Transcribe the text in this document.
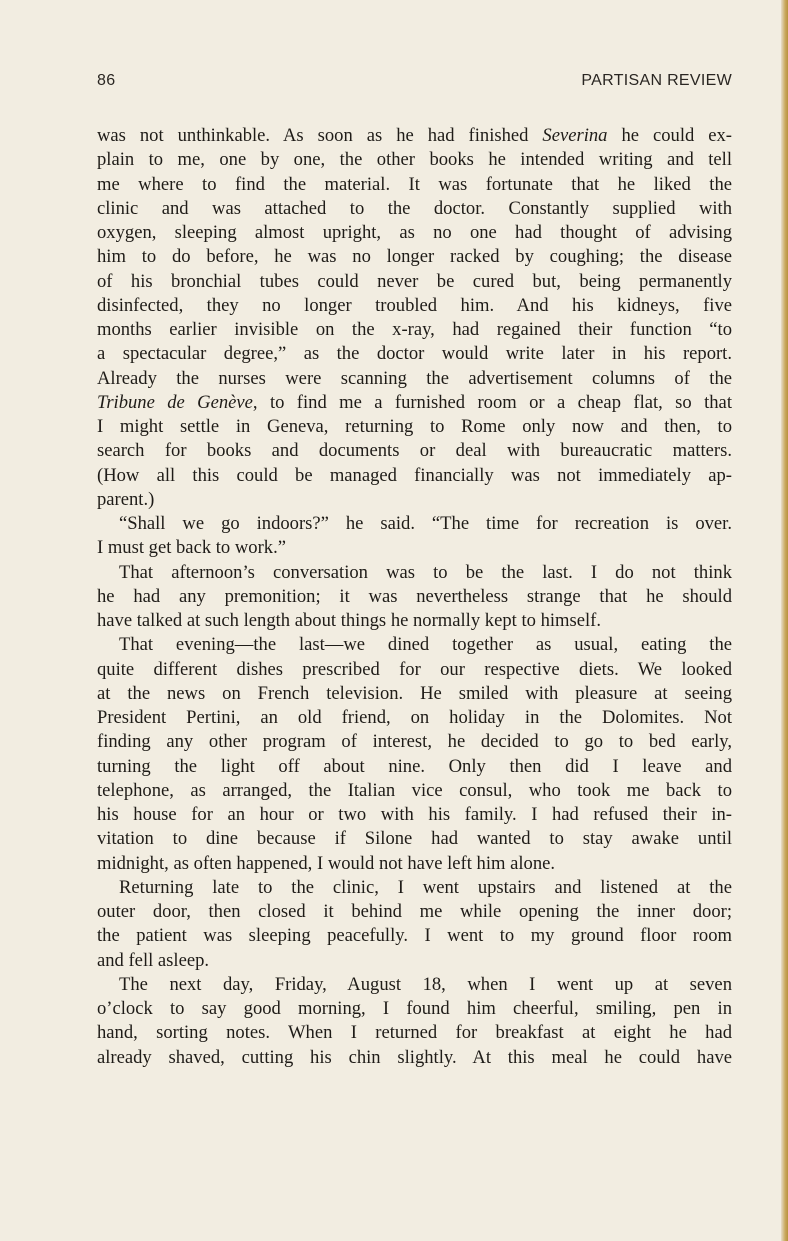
86	PARTISAN REVIEW
was not unthinkable. As soon as he had finished Severina he could ex-
plain to me, one by one, the other books he intended writing and tell
me where to find the material. It was fortunate that he liked the
clinic and was attached to the doctor. Constantly supplied with
oxygen, sleeping almost upright, as no one had thought of advising
him to do before, he was no longer racked by coughing; the disease
of his bronchial tubes could never be cured but, being permanently
disinfected, they no longer troubled him. And his kidneys, five
months earlier invisible on the x-ray, had regained their function “to
a spectacular degree,” as the doctor would write later in his report.
Already the nurses were scanning the advertisement columns of the
Tribune de Genève, to find me a furnished room or a cheap flat, so that
I might settle in Geneva, returning to Rome only now and then, to
search for books and documents or deal with bureaucratic matters.
(How all this could be managed financially was not immediately ap-
parent.)
“Shall we go indoors?” he said. “The time for recreation is over.
I must get back to work.”
That afternoon’s conversation was to be the last. I do not think
he had any premonition; it was nevertheless strange that he should
have talked at such length about things he normally kept to himself.
That evening—the last—we dined together as usual, eating the
quite different dishes prescribed for our respective diets. We looked
at the news on French television. He smiled with pleasure at seeing
President Pertini, an old friend, on holiday in the Dolomites. Not
finding any other program of interest, he decided to go to bed early,
turning the light off about nine. Only then did I leave and
telephone, as arranged, the Italian vice consul, who took me back to
his house for an hour or two with his family. I had refused their in-
vitation to dine because if Silone had wanted to stay awake until
midnight, as often happened, I would not have left him alone.
Returning late to the clinic, I went upstairs and listened at the
outer door, then closed it behind me while opening the inner door;
the patient was sleeping peacefully. I went to my ground floor room
and fell asleep.
The next day, Friday, August 18, when I went up at seven
o’clock to say good morning, I found him cheerful, smiling, pen in
hand, sorting notes. When I returned for breakfast at eight he had
already shaved, cutting his chin slightly. At this meal he could have
